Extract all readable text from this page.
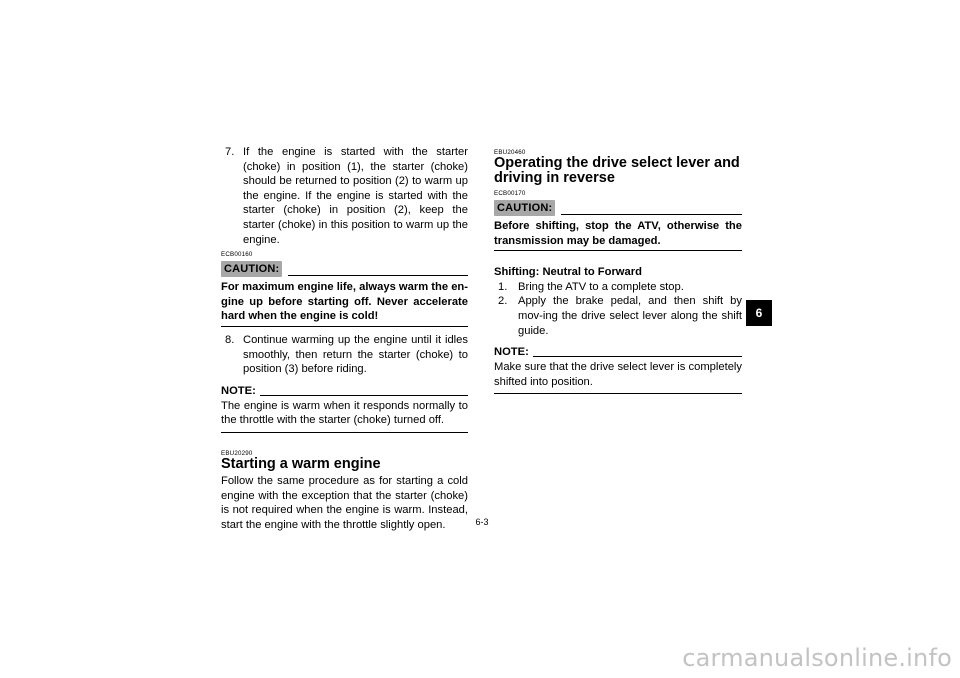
7. If the engine is started with the starter (choke) in position (1), the starter (choke) should be returned to position (2) to warm up the engine. If the engine is started with the starter (choke) in position (2), keep the starter (choke) in this position to warm up the engine.

ECB00160

CAUTION:

For maximum engine life, always warm the en-gine up before starting off. Never accelerate hard when the engine is cold!

8. Continue warming up the engine until it idles smoothly, then return the starter (choke) to position (3) before riding.

NOTE:

The engine is warm when it responds normally to the throttle with the starter (choke) turned off.

EBU20290

Starting a warm engine

Follow the same procedure as for starting a cold engine with the exception that the starter (choke) is not required when the engine is warm. Instead, start the engine with the throttle slightly open.

EBU20460

Operating the drive select lever and

driving in reverse

ECB00170

CAUTION:

Before shifting, stop the ATV, otherwise the transmission may be damaged.

Shifting: Neutral to Forward

1. Bring the ATV to a complete stop.

2. Apply the brake pedal, and then shift by mov-ing the drive select lever along the shift guide.

NOTE:

Make sure that the drive select lever is completely shifted into position.

6
6-3
carmanualsonline.info
